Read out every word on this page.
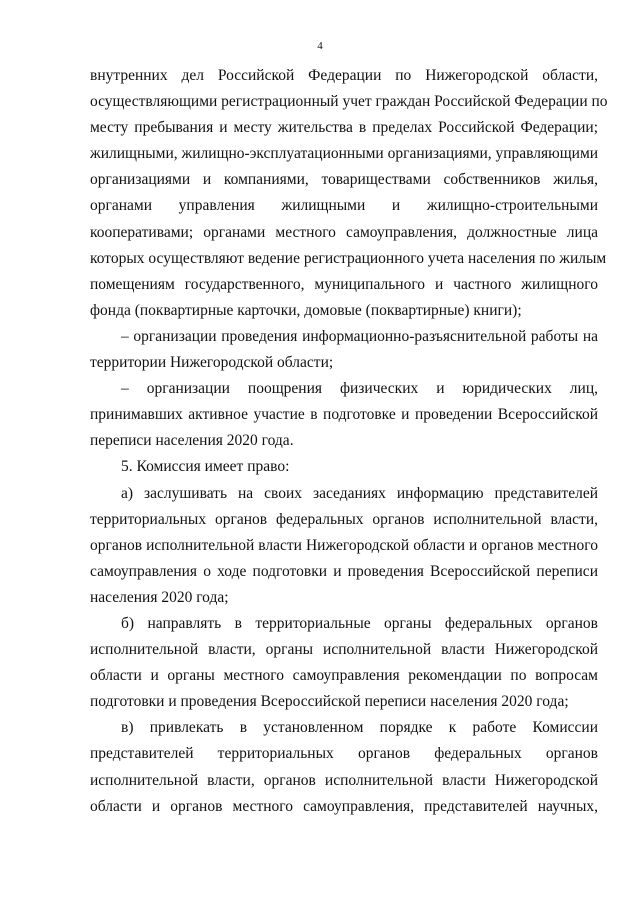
4
внутренних дел Российской Федерации по Нижегородской области,
осуществляющими регистрационный учет граждан Российской Федерации по
месту пребывания и месту жительства в пределах Российской Федерации;
жилищными, жилищно-эксплуатационными организациями, управляющими
организациями и компаниями, товариществами собственников жилья,
органами управления жилищными и жилищно-строительными
кооперативами; органами местного самоуправления, должностные лица
которых осуществляют ведение регистрационного учета населения по жилым
помещениям государственного, муниципального и частного жилищного
фонда (поквартирные карточки, домовые (поквартирные) книги);
– организации проведения информационно-разъяснительной работы на
территории Нижегородской области;
– организации поощрения физических и юридических лиц,
принимавших активное участие в подготовке и проведении Всероссийской
переписи населения 2020 года.
5. Комиссия имеет право:
а) заслушивать на своих заседаниях информацию представителей
территориальных органов федеральных органов исполнительной власти,
органов исполнительной власти Нижегородской области и органов местного
самоуправления о ходе подготовки и проведения Всероссийской переписи
населения 2020 года;
б) направлять в территориальные органы федеральных органов
исполнительной власти, органы исполнительной власти Нижегородской
области и органы местного самоуправления рекомендации по вопросам
подготовки и проведения Всероссийской переписи населения 2020 года;
в) привлекать в установленном порядке к работе Комиссии
представителей территориальных органов федеральных органов
исполнительной власти, органов исполнительной власти Нижегородской
области и органов местного самоуправления, представителей научных,
